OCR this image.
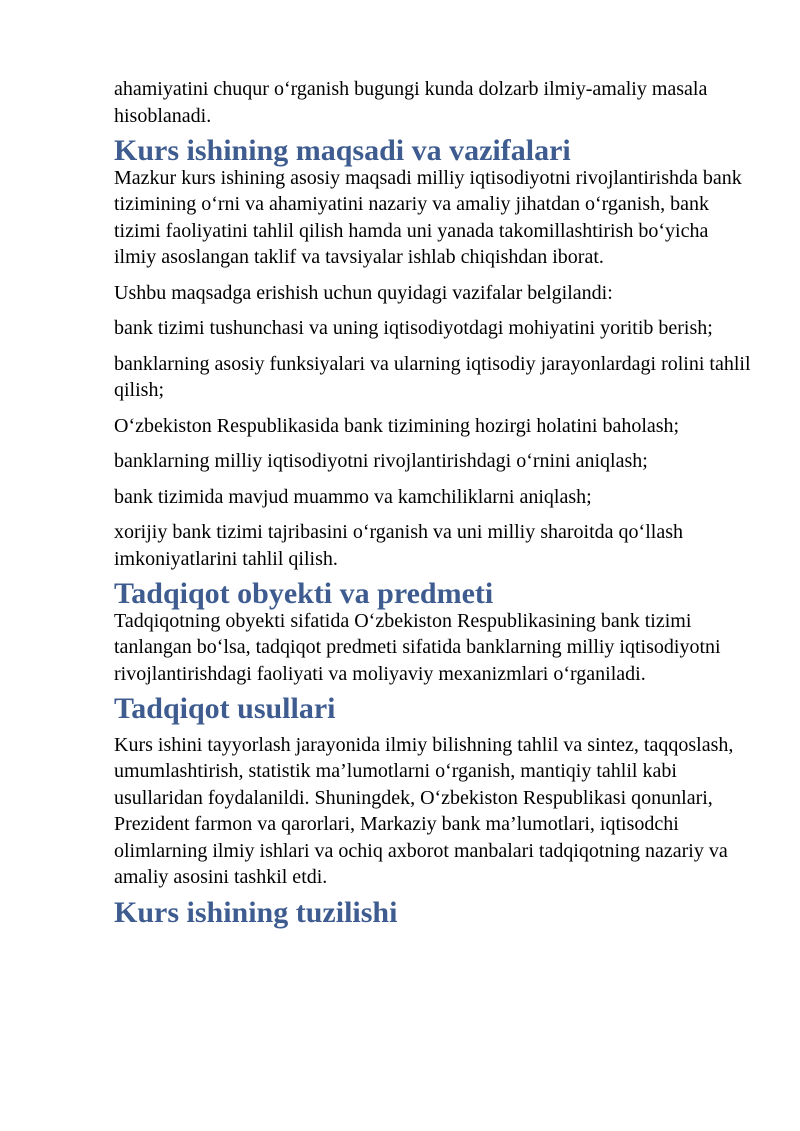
ahamiyatini chuqur o‘rganish bugungi kunda dolzarb ilmiy-amaliy masala hisoblanadi.

Kurs ishining maqsadi va vazifalari

Mazkur kurs ishining asosiy maqsadi milliy iqtisodiyotni rivojlantirishda bank tizimining o‘rni va ahamiyatini nazariy va amaliy jihatdan o‘rganish, bank tizimi faoliyatini tahlil qilish hamda uni yanada takomillashtirish bo‘yicha ilmiy asoslangan taklif va tavsiyalar ishlab chiqishdan iborat.

Ushbu maqsadga erishish uchun quyidagi vazifalar belgilandi:

bank tizimi tushunchasi va uning iqtisodiyotdagi mohiyatini yoritib berish;

banklarning asosiy funksiyalari va ularning iqtisodiy jarayonlardagi rolini tahlil qilish;

O‘zbekiston Respublikasida bank tizimining hozirgi holatini baholash;

banklarning milliy iqtisodiyotni rivojlantirishdagi o‘rnini aniqlash;

bank tizimida mavjud muammo va kamchiliklarni aniqlash;

xorijiy bank tizimi tajribasini o‘rganish va uni milliy sharoitda qo‘llash imkoniyatlarini tahlil qilish.

Tadqiqot obyekti va predmeti

Tadqiqotning obyekti sifatida O‘zbekiston Respublikasining bank tizimi tanlangan bo‘lsa, tadqiqot predmeti sifatida banklarning milliy iqtisodiyotni rivojlantirishdagi faoliyati va moliyaviy mexanizmlari o‘rganiladi.

Tadqiqot usullari

Kurs ishini tayyorlash jarayonida ilmiy bilishning tahlil va sintez, taqqoslash, umumlashtirish, statistik ma’lumotlarni o‘rganish, mantiqiy tahlil kabi usullaridan foydalanildi. Shuningdek, O‘zbekiston Respublikasi qonunlari, Prezident farmon va qarorlari, Markaziy bank ma’lumotlari, iqtisodchi olimlarning ilmiy ishlari va ochiq axborot manbalari tadqiqotning nazariy va amaliy asosini tashkil etdi.

Kurs ishining tuzilishi
